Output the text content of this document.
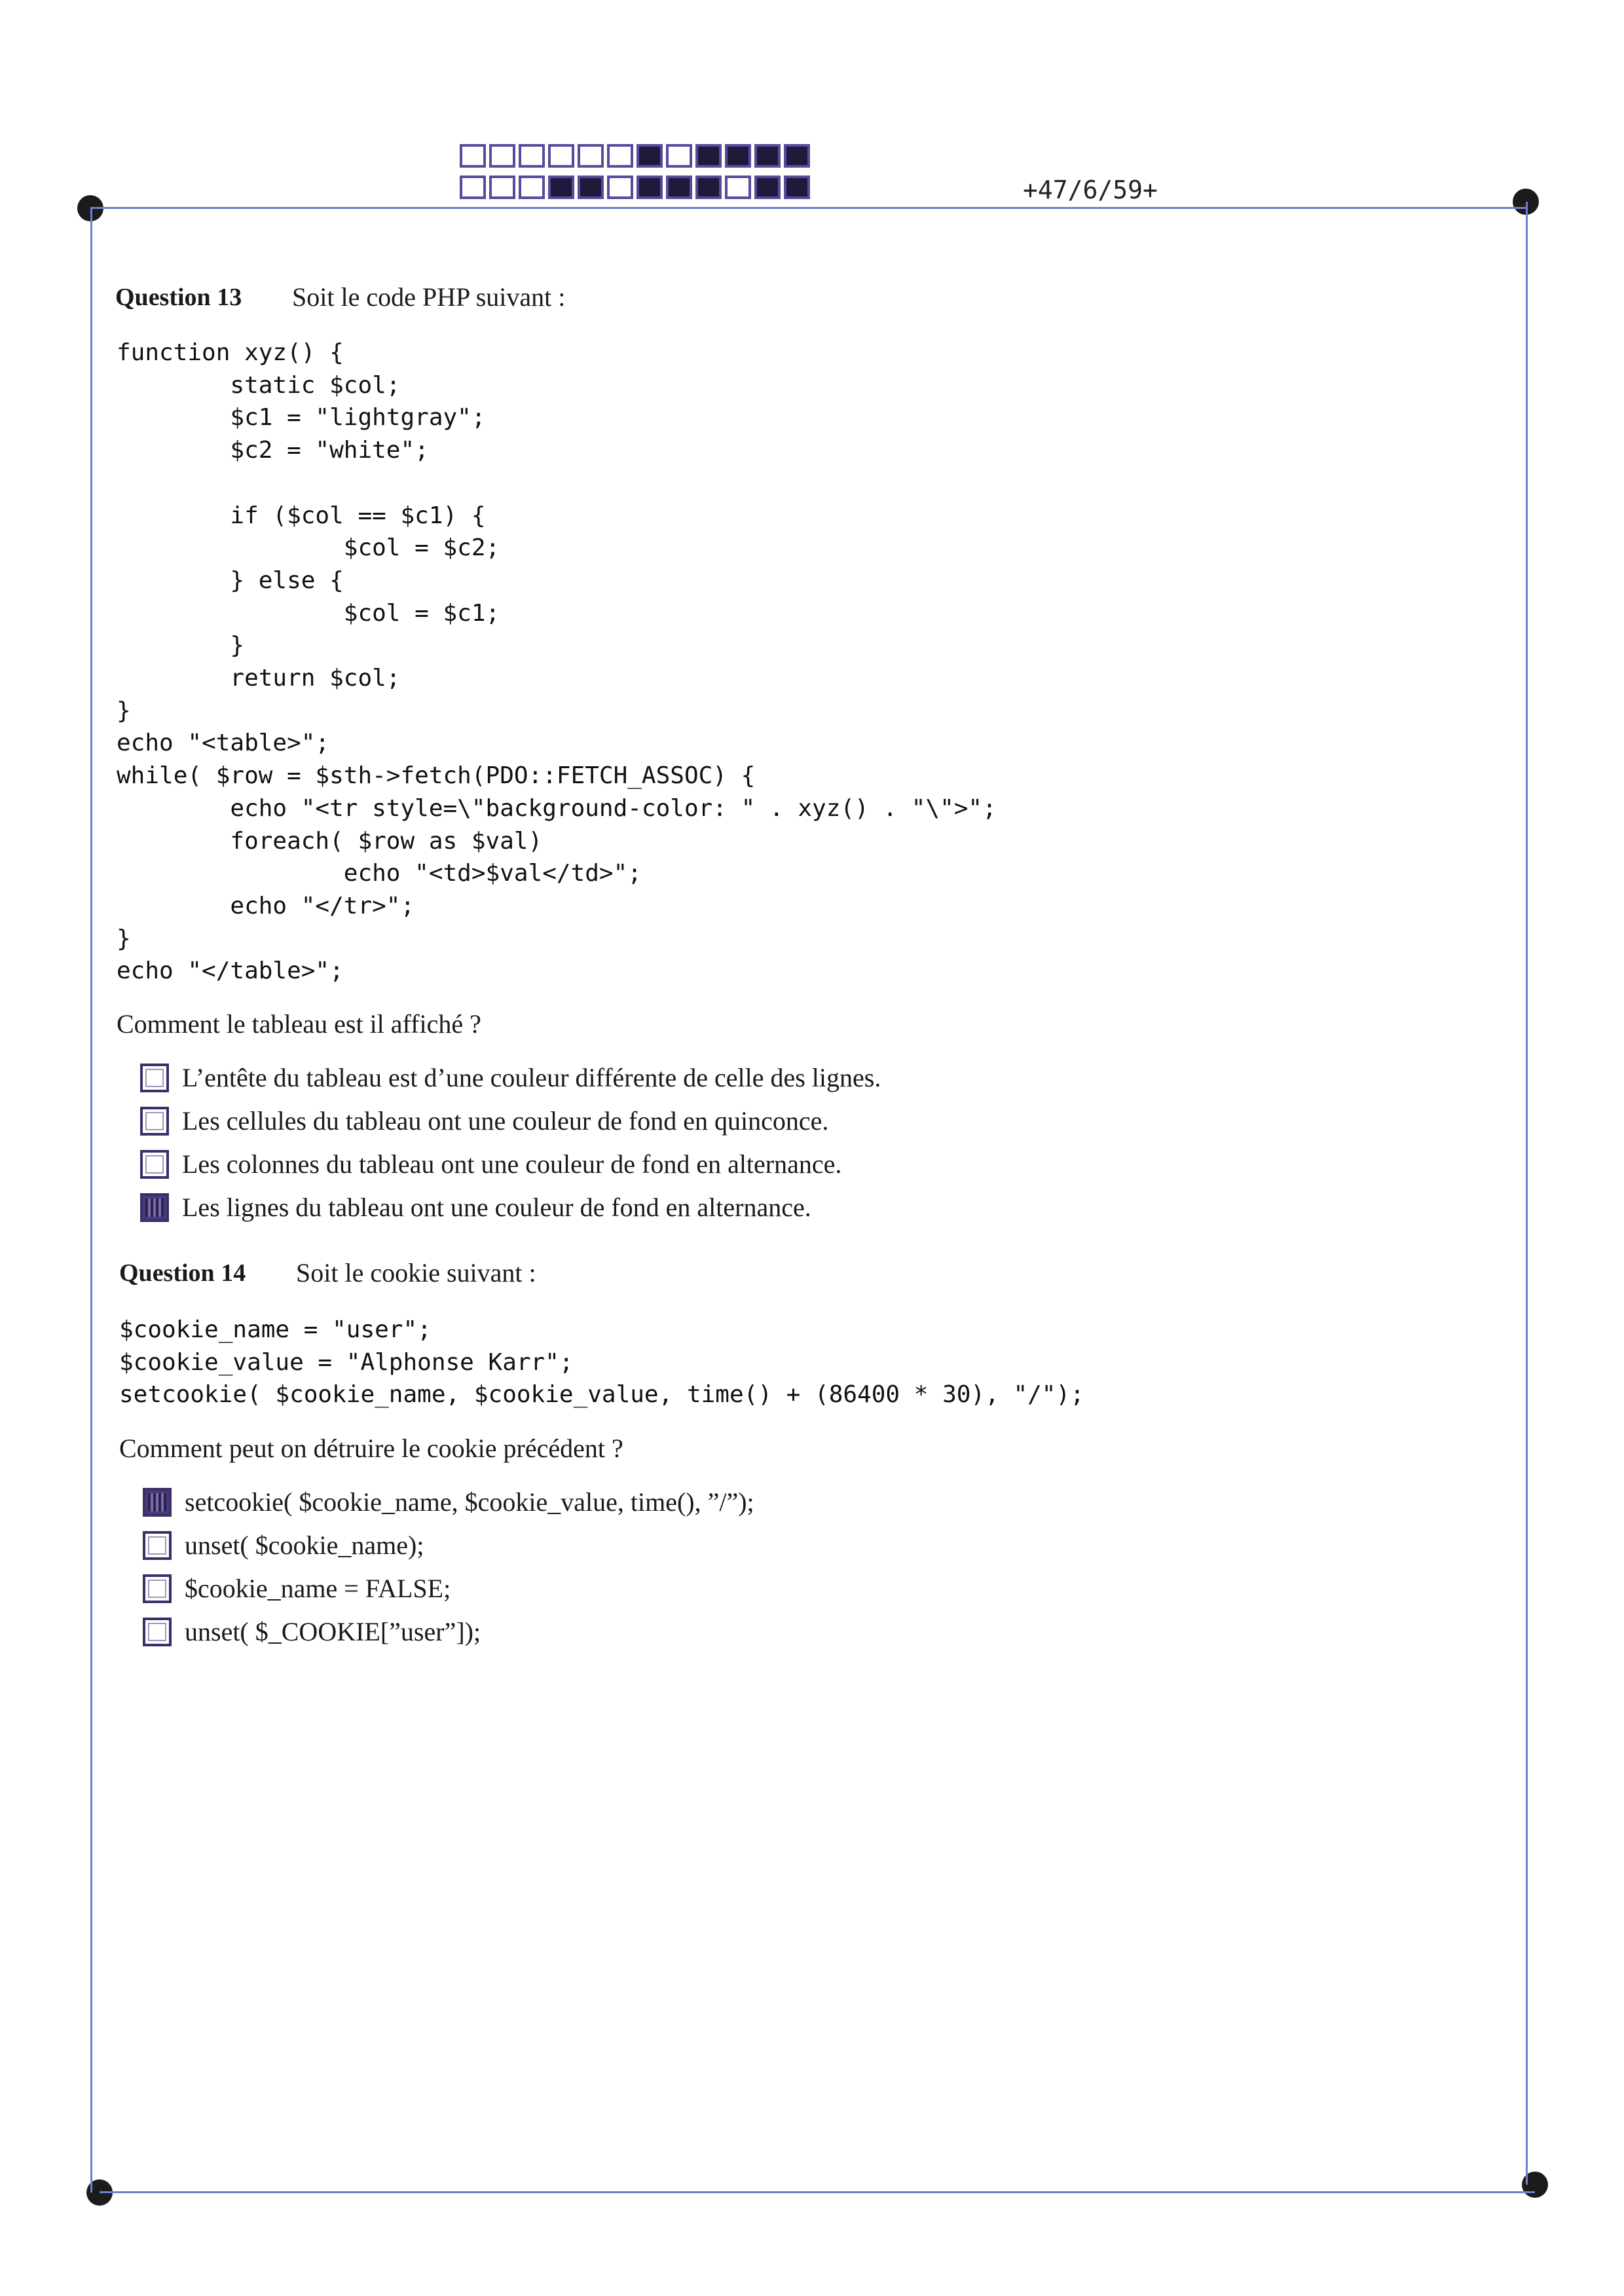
+47/6/59+
Question 13 Soit le code PHP suivant :
function xyz() {
static $col;
$c1 = "lightgray";
$c2 = "white";

if ($col == $c1) {
$col = $c2;
} else {
$col = $c1;
}
return $col;
}
echo "<table>";
while( $row = $sth->fetch(PDO::FETCH_ASSOC) {
echo "<tr style=\"background-color: " . xyz() . "\">";
foreach( $row as $val)
echo "<td>$val</td>";
echo "</tr>";
}
echo "</table>";
Comment le tableau est il affiché ?
L’entête du tableau est d’une couleur différente de celle des lignes.
Les cellules du tableau ont une couleur de fond en quinconce.
Les colonnes du tableau ont une couleur de fond en alternance.
Les lignes du tableau ont une couleur de fond en alternance.
Question 14 Soit le cookie suivant :
$cookie_name = "user";
$cookie_value = "Alphonse Karr";
setcookie( $cookie_name, $cookie_value, time() + (86400 * 30), "/");
Comment peut on détruire le cookie précédent ?
setcookie( $cookie_name, $cookie_value, time(), ”/”);
unset( $cookie_name);
$cookie_name = FALSE;
unset( $_COOKIE[”user”]);
